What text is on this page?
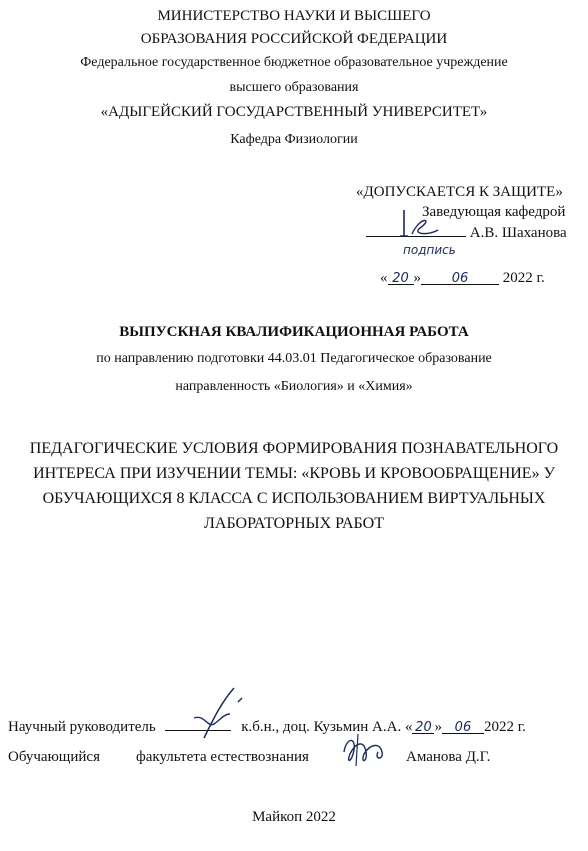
МИНИСТЕРСТВО НАУКИ И ВЫСШЕГО
ОБРАЗОВАНИЯ РОССИЙСКОЙ ФЕДЕРАЦИИ
Федеральное государственное бюджетное образовательное учреждение
высшего образования
«АДЫГЕЙСКИЙ ГОСУДАРСТВЕННЫЙ УНИВЕРСИТЕТ»
Кафедра Физиологии
«ДОПУСКАЕТСЯ К ЗАЩИТЕ»
Заведующая кафедрой
А.В. Шаханова
подпись
« 20 » 06 2022 г.
ВЫПУСКНАЯ КВАЛИФИКАЦИОННАЯ РАБОТА
по направлению подготовки 44.03.01 Педагогическое образование
направленность «Биология» и «Химия»
ПЕДАГОГИЧЕСКИЕ УСЛОВИЯ ФОРМИРОВАНИЯ ПОЗНАВАТЕЛЬНОГО
ИНТЕРЕСА ПРИ ИЗУЧЕНИИ ТЕМЫ: «КРОВЬ И КРОВООБРАЩЕНИЕ» У
ОБУЧАЮЩИХСЯ 8 КЛАССА С ИСПОЛЬЗОВАНИЕМ ВИРТУАЛЬНЫХ
ЛАБОРАТОРНЫХ РАБОТ
Научный руководитель	к.б.н., доц. Кузьмин А.А. « 20 » 06 2022 г.
Обучающийся факультета естествознания	Аманова Д.Г.
Майкоп 2022
